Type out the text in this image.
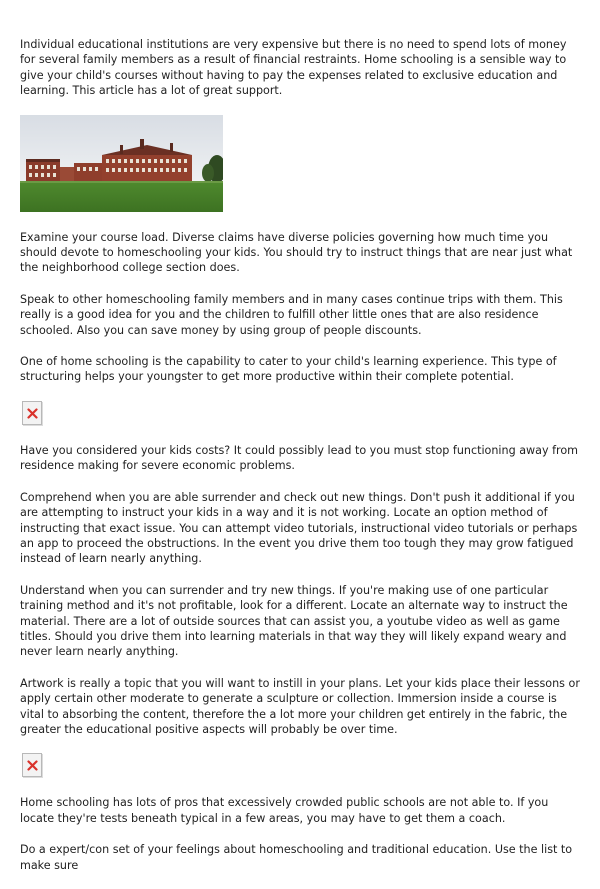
Individual educational institutions are very expensive but there is no need to spend lots of money for several family members as a result of financial restraints. Home schooling is a sensible way to give your child's courses without having to pay the expenses related to exclusive education and learning. This article has a lot of great support.

Examine your course load. Diverse claims have diverse policies governing how much time you should devote to homeschooling your kids. You should try to instruct things that are near just what the neighborhood college section does.

Speak to other homeschooling family members and in many cases continue trips with them. This really is a good idea for you and the children to fulfill other little ones that are also residence schooled. Also you can save money by using group of people discounts.

One of home schooling is the capability to cater to your child's learning experience. This type of structuring helps your youngster to get more productive within their complete potential.

Have you considered your kids costs? It could possibly lead to you must stop functioning away from residence making for severe economic problems.

Comprehend when you are able surrender and check out new things. Don't push it additional if you are attempting to instruct your kids in a way and it is not working. Locate an option method of instructing that exact issue. You can attempt video tutorials, instructional video tutorials or perhaps an app to proceed the obstructions. In the event you drive them too tough they may grow fatigued instead of learn nearly anything.

Understand when you can surrender and try new things. If you're making use of one particular training method and it's not profitable, look for a different. Locate an alternate way to instruct the material. There are a lot of outside sources that can assist you, a youtube video as well as game titles. Should you drive them into learning materials in that way they will likely expand weary and never learn nearly anything.

Artwork is really a topic that you will want to instill in your plans. Let your kids place their lessons or apply certain other moderate to generate a sculpture or collection. Immersion inside a course is vital to absorbing the content, therefore the a lot more your children get entirely in the fabric, the greater the educational positive aspects will probably be over time.

Home schooling has lots of pros that excessively crowded public schools are not able to. If you locate they're tests beneath typical in a few areas, you may have to get them a coach.

Do a expert/con set of your feelings about homeschooling and traditional education. Use the list to make sure
